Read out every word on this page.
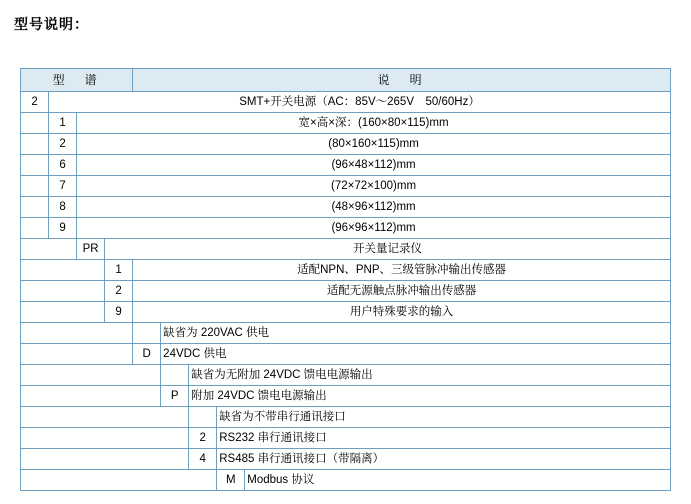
型号说明：
型　谱				说　明				
2	SMT+开关电源（AC：85V～265V　50/60Hz）							
	1	宽×高×深：(160×80×115)mm						
	2	(80×160×115)mm						
	6	(96×48×112)mm						
	7	(72×72×100)mm						
	8	(48×96×112)mm						
	9	(96×96×112)mm						
		PR	开关量记录仪					
			1	适配NPN、PNP、三级管脉冲输出传感器				
			2	适配无源触点脉冲输出传感器				
			9	用户特殊要求的输入				
					缺省为 220VAC 供电			
				D	24VDC 供电			
						缺省为无附加 24VDC 馈电电源输出		
					P	附加 24VDC 馈电电源输出		
							缺省为不带串行通讯接口	
						2	RS232 串行通讯接口	
						4	RS485 串行通讯接口（带隔离）	
							M	Modbus 协议
